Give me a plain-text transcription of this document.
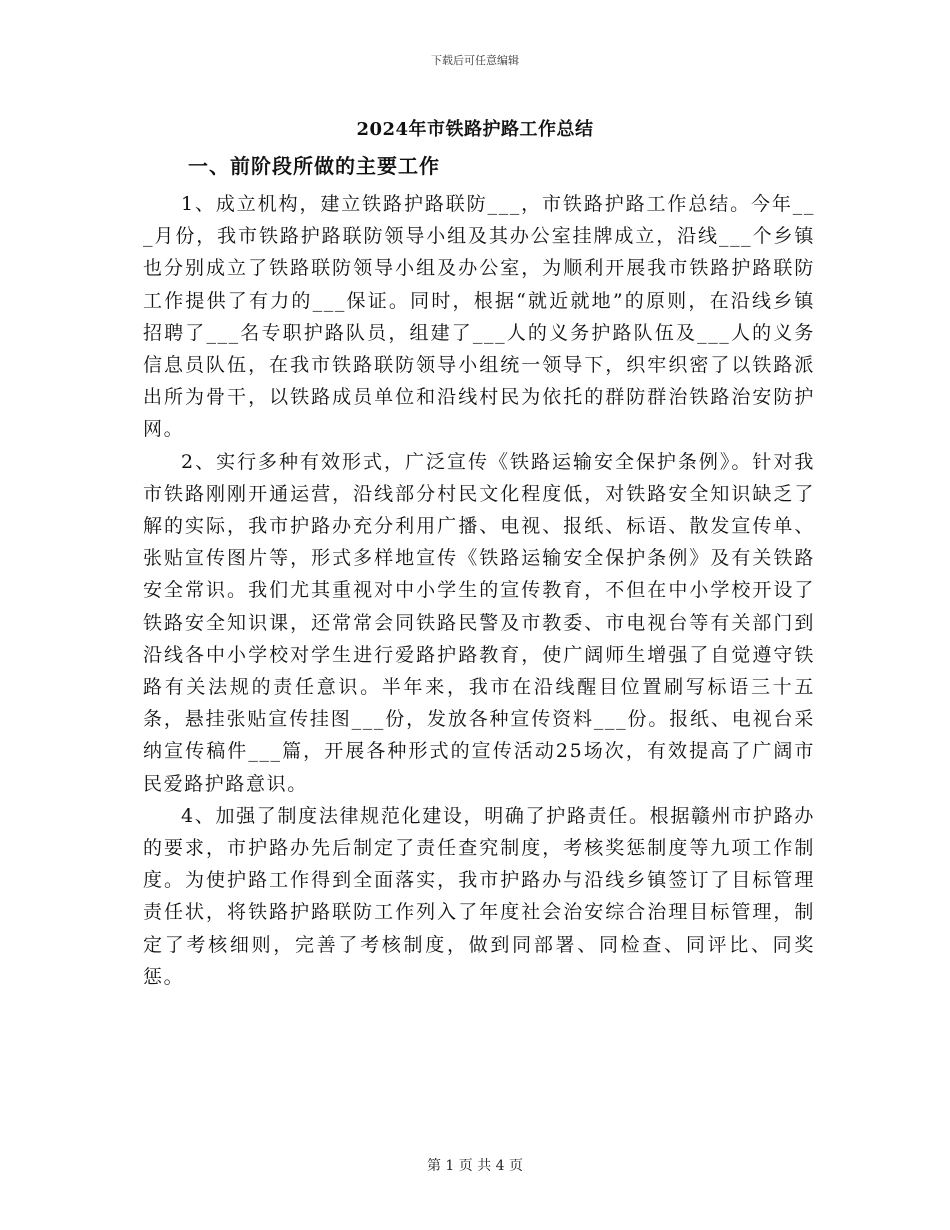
下载后可任意编辑
2024年市铁路护路工作总结
一、前阶段所做的主要工作

1、成立机构，建立铁路护路联防___，市铁路护路工作总结。今年___月份，我市铁路护路联防领导小组及其办公室挂牌成立，沿线___个乡镇也分别成立了铁路联防领导小组及办公室，为顺利开展我市铁路护路联防工作提供了有力的___保证。同时，根据“就近就地”的原则，在沿线乡镇招聘了___名专职护路队员，组建了___人的义务护路队伍及___人的义务信息员队伍，在我市铁路联防领导小组统一领导下，织牢织密了以铁路派出所为骨干，以铁路成员单位和沿线村民为依托的群防群治铁路治安防护网。

2、实行多种有效形式，广泛宣传《铁路运输安全保护条例》。针对我市铁路刚刚开通运营，沿线部分村民文化程度低，对铁路安全知识缺乏了解的实际，我市护路办充分利用广播、电视、报纸、标语、散发宣传单、张贴宣传图片等，形式多样地宣传《铁路运输安全保护条例》及有关铁路安全常识。我们尤其重视对中小学生的宣传教育，不但在中小学校开设了铁路安全知识课，还常常会同铁路民警及市教委、市电视台等有关部门到沿线各中小学校对学生进行爱路护路教育，使广阔师生增强了自觉遵守铁路有关法规的责任意识。半年来，我市在沿线醒目位置刷写标语三十五条，悬挂张贴宣传挂图___份，发放各种宣传资料___份。报纸、电视台采纳宣传稿件___篇，开展各种形式的宣传活动25场次，有效提高了广阔市民爱路护路意识。

4、加强了制度法律规范化建设，明确了护路责任。根据赣州市护路办的要求，市护路办先后制定了责任查究制度，考核奖惩制度等九项工作制度。为使护路工作得到全面落实，我市护路办与沿线乡镇签订了目标管理责任状，将铁路护路联防工作列入了年度社会治安综合治理目标管理，制定了考核细则，完善了考核制度，做到同部署、同检查、同评比、同奖惩。

第 1 页 共 4 页
